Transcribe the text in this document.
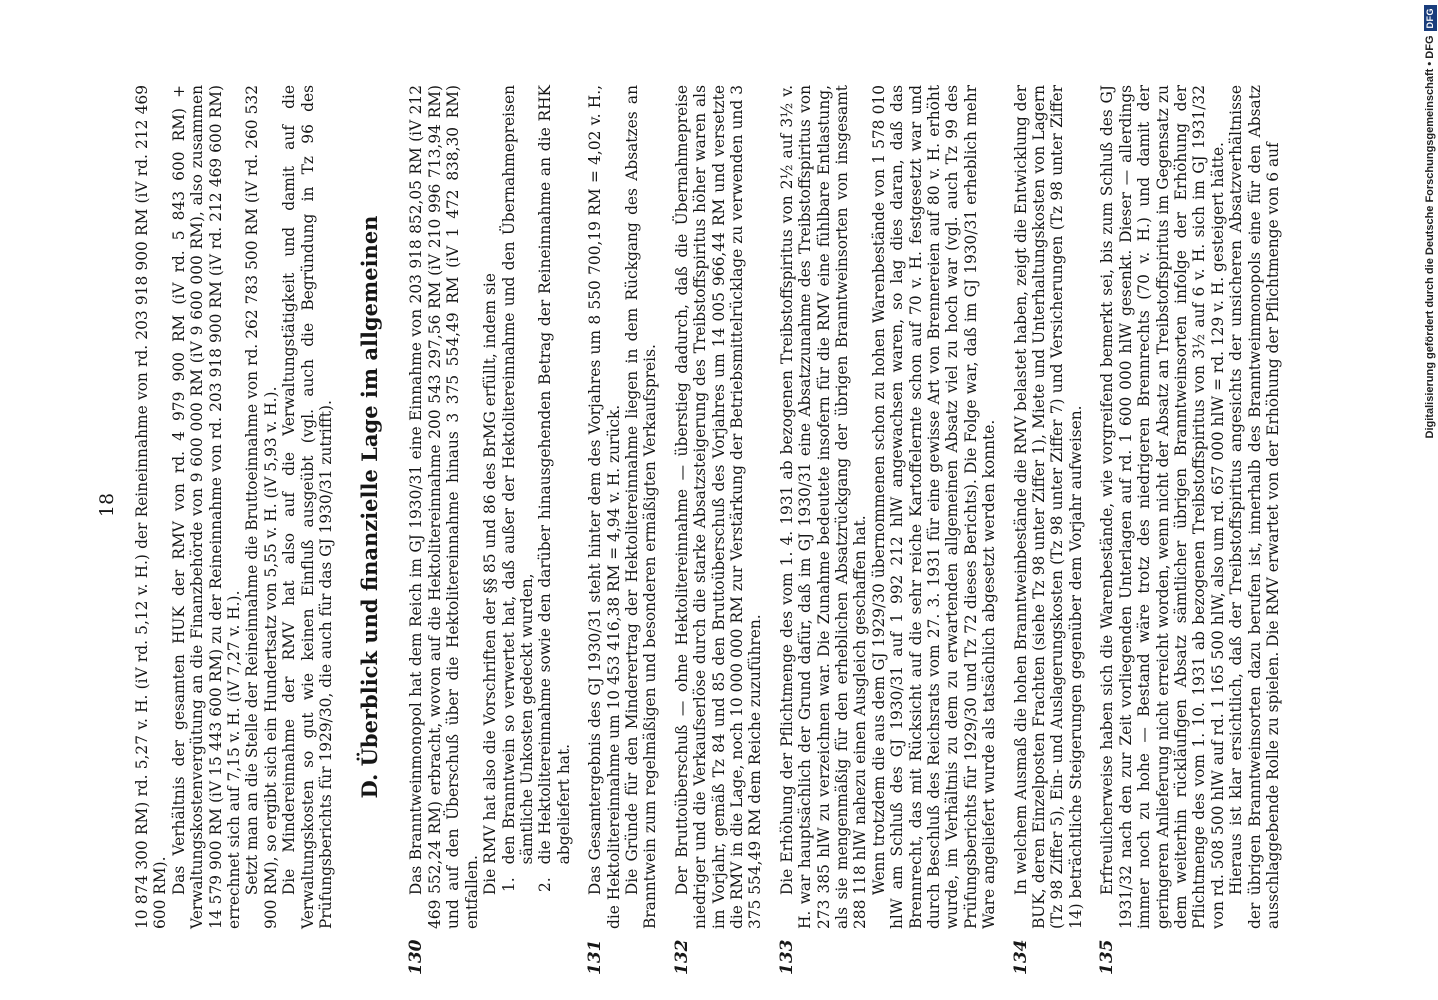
18 10 874 300 RM) rd. 5,27 v. H. (iV rd. 5,12 v. H.) der Reineinnahme von rd. 203 918 900 RM (iV rd. 212 469 600 RM). Das Verhältnis der gesamten HUK der RMV von rd. 4 979 900 RM (iV rd. 5 843 600 RM) + Verwaltungskostenvergütung an die Finanzbehörde von 9 600 000 RM (iV 9 600 000 RM), also zusammen 14 579 900 RM (iV 15 443 600 RM) zu der Reineinnahme von rd. 203 918 900 RM (iV rd. 212 469 600 RM) errechnet sich auf 7,15 v. H. (iV 7,27 v. H.). Setzt man an die Stelle der Reineinnahme die Bruttoeinnahme von rd. 262 783 500 RM (iV rd. 260 532 900 RM), so ergibt sich ein Hundertsatz von 5,55 v. H. (iV 5,93 v. H.). Die Mindereinnahme der RMV hat also auf die Verwaltungstätigkeit und damit auf die Verwaltungskosten so gut wie keinen Einfluß ausgeübt (vgl. auch die Begründung in Tz 96 des Prüfungsberichts für 1929/30, die auch für das GJ 1930/31 zutrifft). D. Überblick und finanzielle Lage im allgemeinen
130

Das Branntweinmonopol hat dem Reich im GJ 1930/31 eine Einnahme von 203 918 852,05 RM (iV 212 469 552,24 RM) erbracht, wovon auf die Hektolitereinnahme 200 543 297,56 RM (iV 210 996 713,94 RM) und auf den Überschuß über die Hektolitereinnahme hinaus 3 375 554,49 RM (iV 1 472 838,30 RM) entfallen. Die RMV hat also die Vorschriften der §§ 85 und 86 des BrMG erfüllt, indem sie 1.
den Branntwein so verwertet hat, daß außer der Hektolitereinnahme und den Übernahmepreisen sämtliche Unkosten gedeckt wurden,
2.
die Hektolitereinnahme sowie den darüber hinausgehenden Betrag der Reineinnahme an die RHK abgeliefert hat.
131

Das Gesamtergebnis des GJ 1930/31 steht hinter dem des Vorjahres um 8 550 700,19 RM = 4,02 v. H., die Hektolitereinnahme um 10 453 416,38 RM = 4,94 v. H. zurück. Die Gründe für den Minderertrag der Hektolitereinnahme liegen in dem Rückgang des Absatzes an Branntwein zum regelmäßigen und besonderen ermäßigten Verkaufspreis.

132

Der Bruttoüberschuß — ohne Hektolitereinnahme — überstieg dadurch, daß die Übernahmepreise niedriger und die Verkaufserlöse durch die starke Absatzsteigerung des Treibstoffspiritus höher waren als im Vorjahr, gemäß Tz 84 und 85 den Bruttoüberschuß des Vorjahres um 14 005 966,44 RM und versetzte die RMV in die Lage, noch 10 000 000 RM zur Verstärkung der Betriebsmittelrücklage zu verwenden und 3 375 554,49 RM dem Reiche zuzuführen.

133

Die Erhöhung der Pflichtmenge des vom 1. 4. 1931 ab bezogenen Treibstoffspiritus von 2½ auf 3½ v. H. war hauptsächlich der Grund dafür, daß im GJ 1930/31 eine Absatzzunahme des Treibstoffspiritus von 273 385 hlW zu verzeichnen war. Die Zunahme bedeutete insofern für die RMV eine fühlbare Entlastung, als sie mengenmäßig für den erheblichen Absatzrückgang der übrigen Branntweinsorten von insgesamt 288 118 hlW nahezu einen Ausgleich geschaffen hat. Wenn trotzdem die aus dem GJ 1929/30 übernommenen schon zu hohen Warenbestände von 1 578 010 hlW am Schluß des GJ 1930/31 auf 1 992 212 hlW angewachsen waren, so lag dies daran, daß das Brennrecht, das mit Rücksicht auf die sehr reiche Kartoffelernte schon auf 70 v. H. festgesetzt war und durch Beschluß des Reichsrats vom 27. 3. 1931 für eine gewisse Art von Brennereien auf 80 v. H. erhöht wurde, im Verhältnis zu dem zu erwartenden allgemeinen Absatz viel zu hoch war (vgl. auch Tz 99 des Prüfungsberichts für 1929/30 und Tz 72 dieses Berichts). Die Folge war, daß im GJ 1930/31 erheblich mehr Ware angeliefert wurde als tatsächlich abgesetzt werden konnte.

134

In welchem Ausmaß die hohen Branntweinbestände die RMV belastet haben, zeigt die Entwicklung der BUK, deren Einzelposten Frachten (siehe Tz 98 unter Ziffer 1), Miete und Unterhaltungskosten von Lagern (Tz 98 Ziffer 5), Ein- und Auslagerungskosten (Tz 98 unter Ziffer 7) und Versicherungen (Tz 98 unter Ziffer 14) beträchtliche Steigerungen gegenüber dem Vorjahr aufweisen.

135

Erfreulicherweise haben sich die Warenbestände, wie vorgreifend bemerkt sei, bis zum Schluß des GJ 1931/32 nach den zur Zeit vorliegenden Unterlagen auf rd. 1 600 000 hlW gesenkt. Dieser — allerdings immer noch zu hohe — Bestand wäre trotz des niedrigeren Brennrechts (70 v. H.) und damit der geringeren Anlieferung nicht erreicht worden, wenn nicht der Absatz an Treibstoffspiritus im Gegensatz zu dem weiterhin rückläufigen Absatz sämtlicher übrigen Branntweinsorten infolge der Erhöhung der Pflichtmenge des vom 1. 10. 1931 ab bezogenen Treibstoffspiritus von 3½ auf 6 v. H. sich im GJ 1931/32 von rd. 508 500 hlW auf rd. 1 165 500 hlW, also um rd. 657 000 hlW = rd. 129 v. H. gesteigert hätte. Hieraus ist klar ersichtlich, daß der Treibstoffspiritus angesichts der unsicheren Absatzverhältnisse der übrigen Branntweinsorten dazu berufen ist, innerhalb des Branntweinmonopols eine für den Absatz ausschlaggebende Rolle zu spielen. Die RMV erwartet von der Erhöhung der Pflichtmenge von 6 auf	Digitalisierung gefördert durch die Deutsche Forschungsgemeinschaft • DFG
DFG
